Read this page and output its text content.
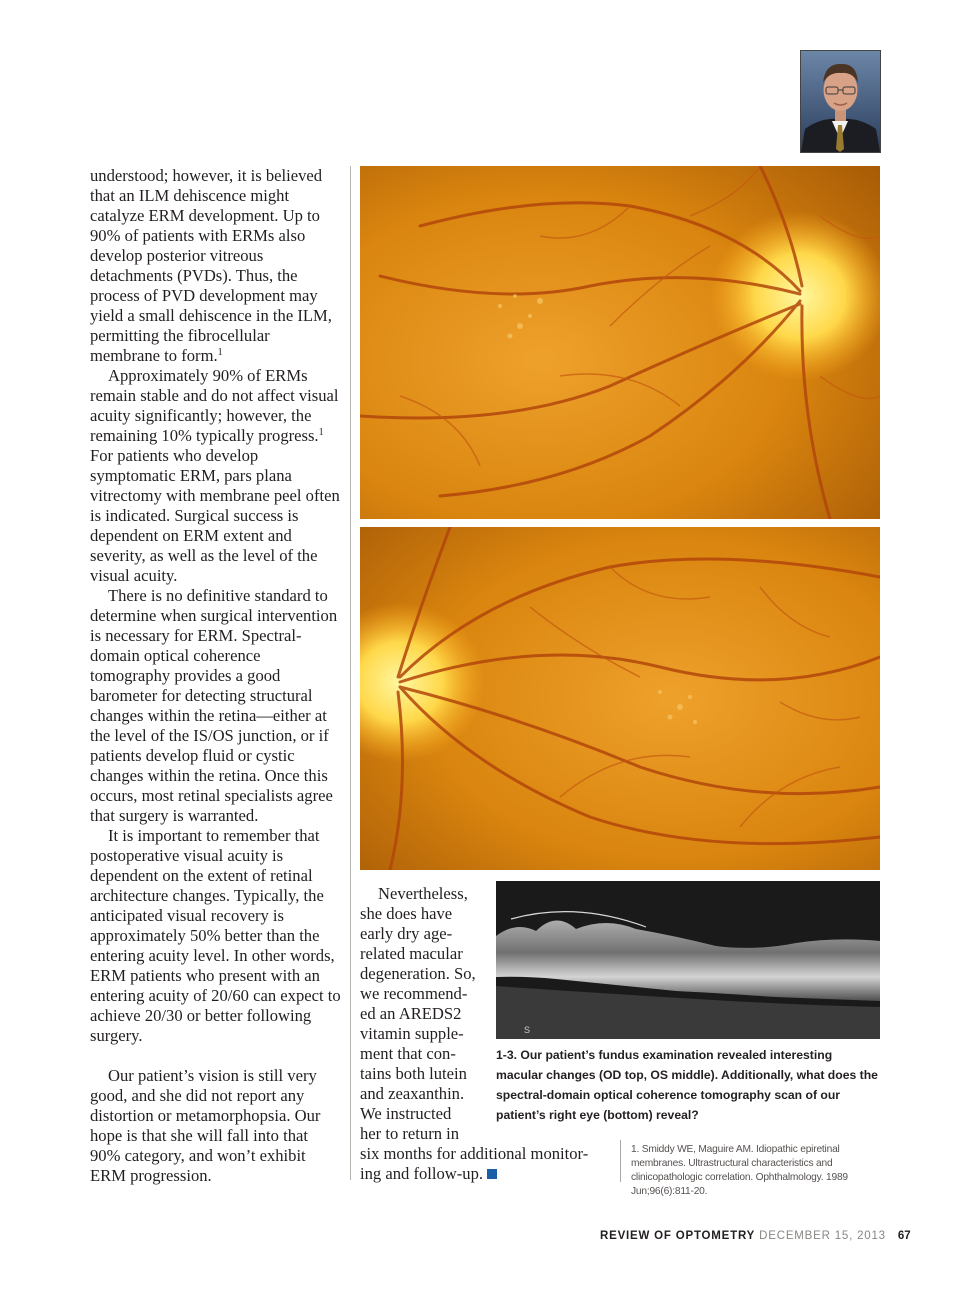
understood; however, it is believed that an ILM dehiscence might catalyze ERM development. Up to 90% of patients with ERMs also develop posterior vitreous detachments (PVDs). Thus, the process of PVD development may yield a small dehiscence in the ILM, permitting the fibrocellular membrane to form.$^1$

Approximately 90% of ERMs remain stable and do not affect visual acuity significantly; however, the remaining 10% typically progress.$^1$ For patients who develop symptomatic ERM, pars plana vitrectomy with membrane peel often is indicated. Surgical success is dependent on ERM extent and severity, as well as the level of the visual acuity.

There is no definitive standard to determine when surgical intervention is necessary for ERM. Spectral-domain optical coherence tomography provides a good barometer for detecting structural changes within the retina—either at the level of the IS/OS junction, or if patients develop fluid or cystic changes within the retina. Once this occurs, most retinal specialists agree that surgery is warranted.

It is important to remember that postoperative visual acuity is dependent on the extent of retinal architecture changes. Typically, the anticipated visual recovery is approximately 50% better than the entering acuity level. In other words, ERM patients who present with an entering acuity of 20/60 can expect to achieve 20/30 or better following surgery.

Our patient’s vision is still very good, and she did not report any distortion or metamorphopsia. Our hope is that she will fall into that 90% category, and won’t exhibit ERM progression.

S
Nevertheless,
she does have
early dry age-
related macular
degeneration. So,
we recommend-
ed an AREDS2
vitamin supple-
ment that con-
tains both lutein
and zeaxanthin.
We instructed
her to return in
six months for additional monitor-
ing and follow-up.
1-3. Our patient’s fundus examination revealed interesting macular changes (OD top, OS middle). Additionally, what does the spectral-domain optical coherence tomography scan of our patient’s right eye (bottom) reveal?
1. Smiddy WE, Maguire AM. Idiopathic epiretinal membranes. Ultrastructural characteristics and clinicopathologic correlation. Ophthalmology. 1989 Jun;96(6):811-20.
REVIEW OF OPTOMETRY DECEMBER 15, 2013 67
